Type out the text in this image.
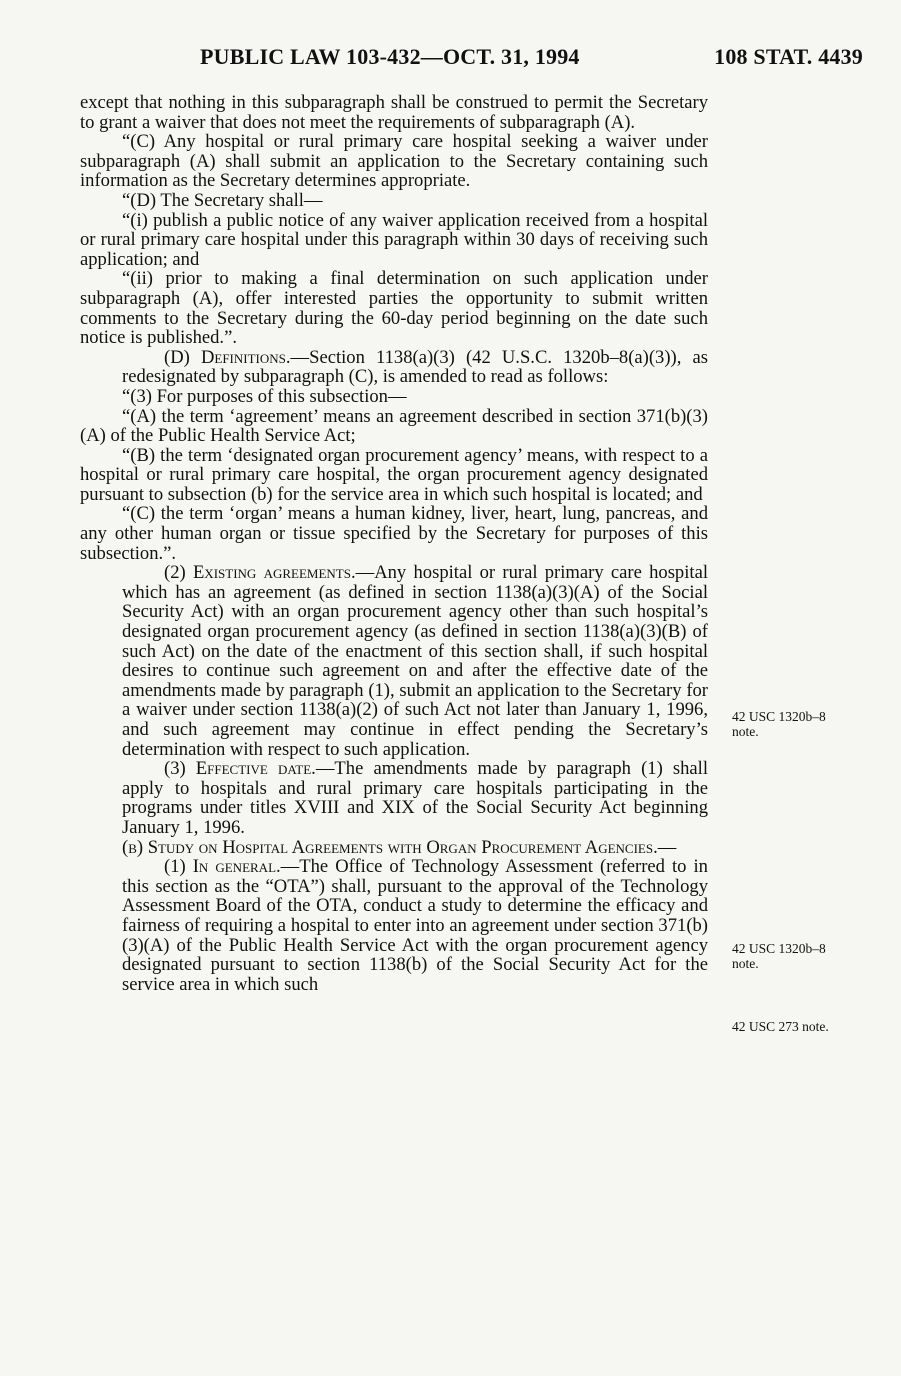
PUBLIC LAW 103-432—OCT. 31, 1994	108 STAT. 4439

except that nothing in this subparagraph shall be construed to permit the Secretary to grant a waiver that does not meet the requirements of subparagraph (A).

“(C) Any hospital or rural primary care hospital seeking a waiver under subparagraph (A) shall submit an application to the Secretary containing such information as the Secretary determines appropriate.

“(D) The Secretary shall—

“(i) publish a public notice of any waiver application received from a hospital or rural primary care hospital under this paragraph within 30 days of receiving such application; and

“(ii) prior to making a final determination on such application under subparagraph (A), offer interested parties the opportunity to submit written comments to the Secretary during the 60-day period beginning on the date such notice is published.”.

(D) Definitions.—Section 1138(a)(3) (42 U.S.C. 1320b–8(a)(3)), as redesignated by subparagraph (C), is amended to read as follows:

“(3) For purposes of this subsection—

“(A) the term ‘agreement’ means an agreement described in section 371(b)(3)(A) of the Public Health Service Act;

“(B) the term ‘designated organ procurement agency’ means, with respect to a hospital or rural primary care hospital, the organ procurement agency designated pursuant to subsection (b) for the service area in which such hospital is located; and

“(C) the term ‘organ’ means a human kidney, liver, heart, lung, pancreas, and any other human organ or tissue specified by the Secretary for purposes of this subsection.”.

(2) Existing agreements.—Any hospital or rural primary care hospital which has an agreement (as defined in section 1138(a)(3)(A) of the Social Security Act) with an organ procurement agency other than such hospital’s designated organ procurement agency (as defined in section 1138(a)(3)(B) of such Act) on the date of the enactment of this section shall, if such hospital desires to continue such agreement on and after the effective date of the amendments made by paragraph (1), submit an application to the Secretary for a waiver under section 1138(a)(2) of such Act not later than January 1, 1996, and such agreement may continue in effect pending the Secretary’s determination with respect to such application.

(3) Effective date.—The amendments made by paragraph (1) shall apply to hospitals and rural primary care hospitals participating in the programs under titles XVIII and XIX of the Social Security Act beginning January 1, 1996.

(b) Study on Hospital Agreements with Organ Procurement Agencies.—

(1) In general.—The Office of Technology Assessment (referred to in this section as the “OTA”) shall, pursuant to the approval of the Technology Assessment Board of the OTA, conduct a study to determine the efficacy and fairness of requiring a hospital to enter into an agreement under section 371(b)(3)(A) of the Public Health Service Act with the organ procurement agency designated pursuant to section 1138(b) of the Social Security Act for the service area in which such

42 USC 1320b–8 note.
42 USC 1320b–8 note.
42 USC 273 note.
